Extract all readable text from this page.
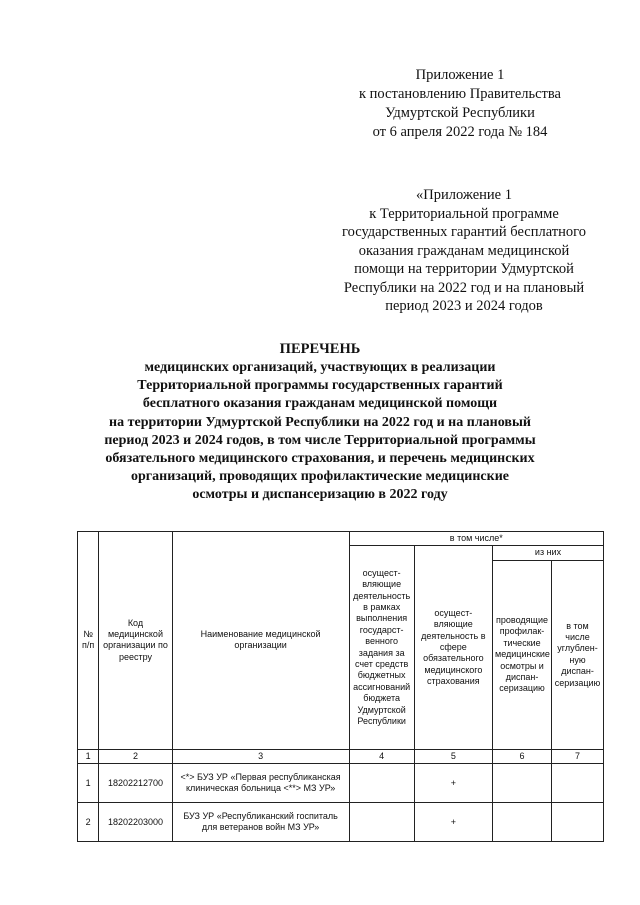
Приложение 1
к постановлению Правительства
Удмуртской Республики
от 6 апреля 2022 года № 184
«Приложение 1
к Территориальной программе
государственных гарантий бесплатного
оказания гражданам медицинской
помощи на территории Удмуртской
Республики на 2022 год и на плановый
период 2023 и 2024 годов
ПЕРЕЧЕНЬ
медицинских организаций, участвующих в реализации
Территориальной программы государственных гарантий
бесплатного оказания гражданам медицинской помощи
на территории Удмуртской Республики на 2022 год и на плановый
период 2023 и 2024 годов, в том числе Территориальной программы
обязательного медицинского страхования, и перечень медицинских
организаций, проводящих профилактические медицинские
осмотры и диспансеризацию в 2022 году
№ п/п	Код медицинской организации по реестру	Наименование медицинской организации	в том числе*			
			осущест-вляющие деятельность в рамках выполнения государст-венного задания за счет средств бюджетных ассигнований бюджета Удмуртской Республики	осущест-вляющие деятельность в сфере обязательного медицинского страхования	из них	
					проводящие профилак-тические медицинские осмотры и диспан-серизацию	в том числе углублен-ную диспан-серизацию
1	2	3	4	5	6	7
1	18202212700	<*> БУЗ УР «Первая республиканская клиническая больница <**> МЗ УР»		+		
2	18202203000	БУЗ УР «Республиканский госпиталь для ветеранов войн МЗ УР»		+		
